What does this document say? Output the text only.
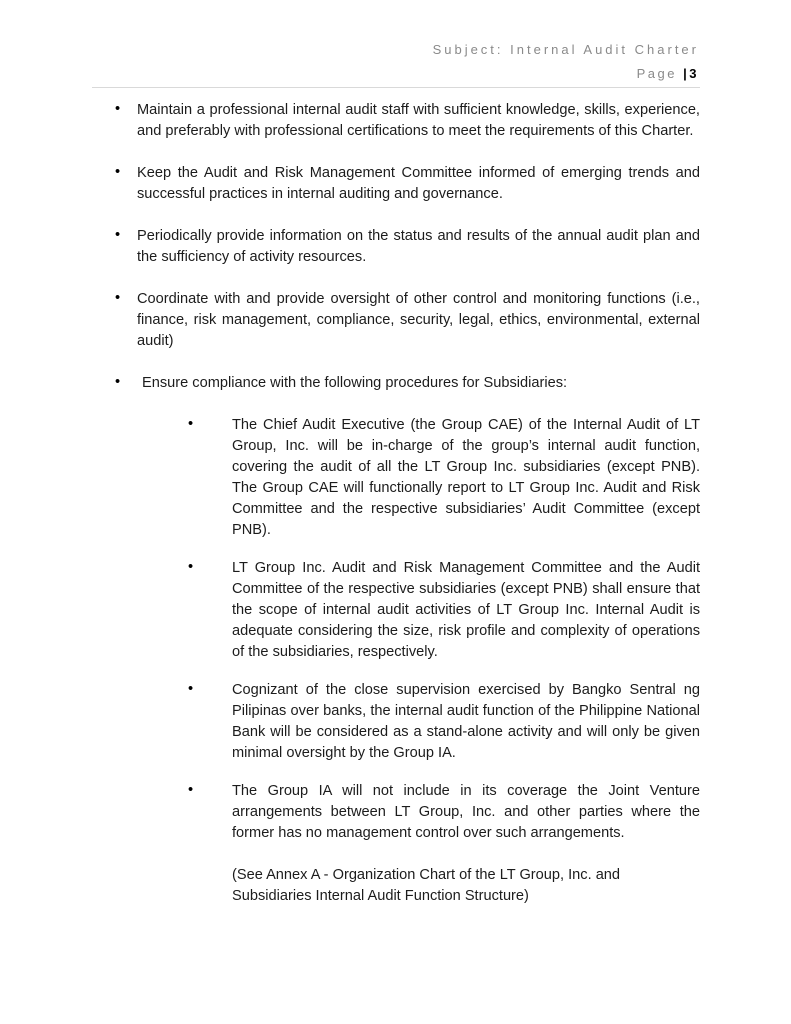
Subject: Internal Audit Charter
Page |3
• Maintain a professional internal audit staff with sufficient knowledge, skills, experience, and preferably with professional certifications to meet the requirements of this Charter.
• Keep the Audit and Risk Management Committee informed of emerging trends and successful practices in internal auditing and governance.
• Periodically provide information on the status and results of the annual audit plan and the sufficiency of activity resources.
• Coordinate with and provide oversight of other control and monitoring functions (i.e., finance, risk management, compliance, security, legal, ethics, environmental, external audit)
• Ensure compliance with the following procedures for Subsidiaries:
•	The Chief Audit Executive (the Group CAE) of the Internal Audit of LT Group, Inc. will be in-charge of the group’s internal audit function, covering the audit of all the LT Group Inc. subsidiaries (except PNB). The Group CAE will functionally report to LT Group Inc. Audit and Risk Committee and the respective subsidiaries’ Audit Committee (except PNB).
•	LT Group Inc. Audit and Risk Management Committee and the Audit Committee of the respective subsidiaries (except PNB) shall ensure that the scope of internal audit activities of LT Group Inc. Internal Audit is adequate considering the size, risk profile and complexity of operations of the subsidiaries, respectively.
•	Cognizant of the close supervision exercised by Bangko Sentral ng Pilipinas over banks, the internal audit function of the Philippine National Bank will be considered as a stand-alone activity and will only be given minimal oversight by the Group IA.
•	The Group IA will not include in its coverage the Joint Venture arrangements between LT Group, Inc. and other parties where the former has no management control over such arrangements.

(See Annex A - Organization Chart of the LT Group, Inc. and Subsidiaries Internal Audit Function Structure)
